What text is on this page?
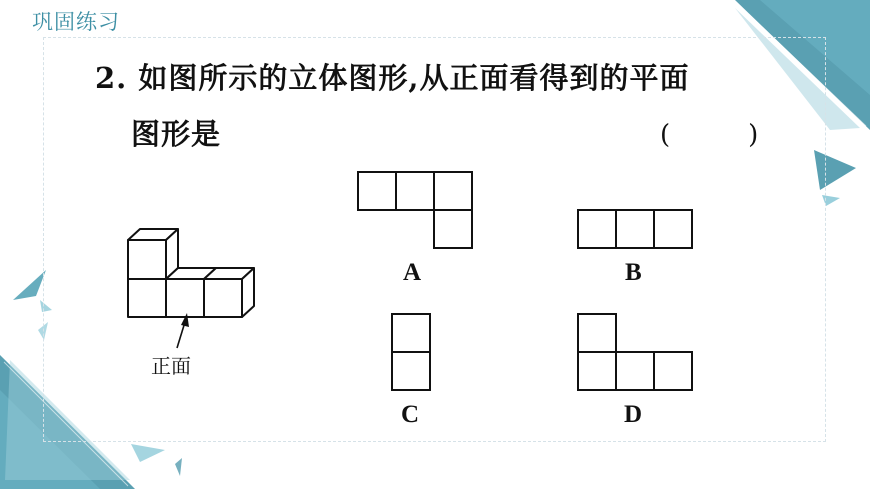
巩固练习
2. 如图所示的立体图形,从正面看得到的平面
图形是	(　　　)
正面
A	B
C	D
